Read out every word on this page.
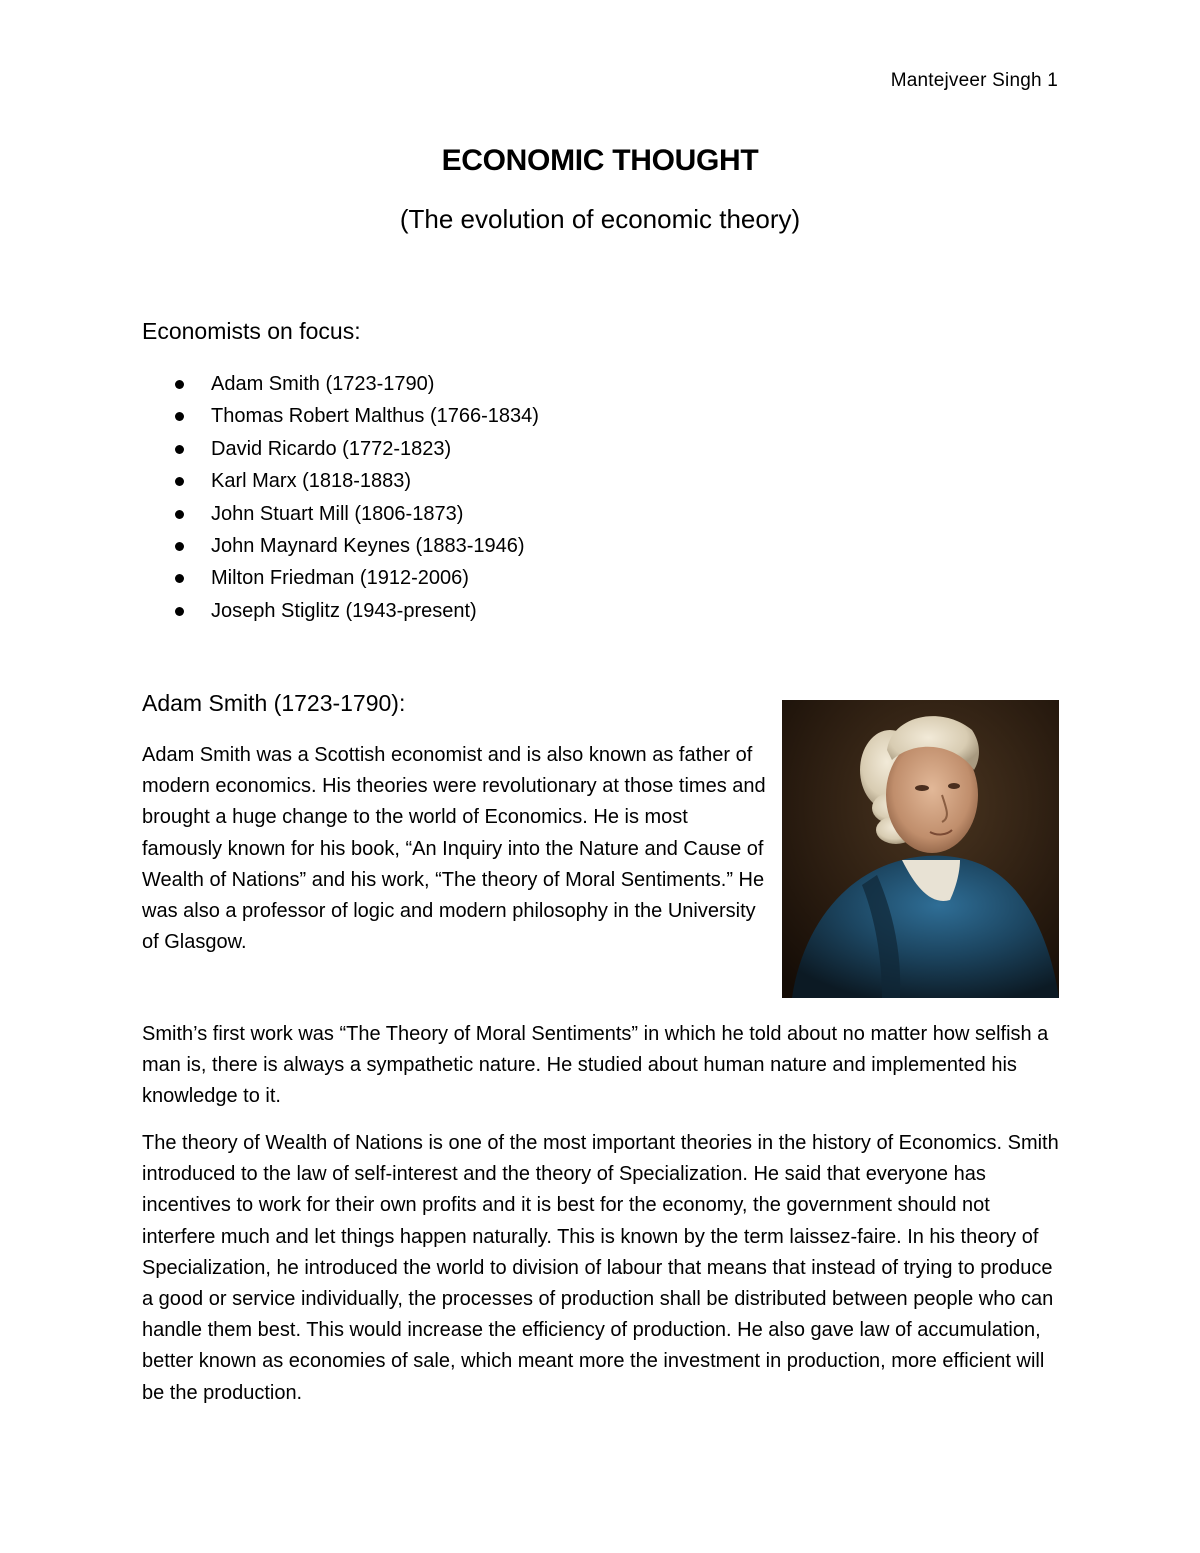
Mantejveer Singh 1
ECONOMIC THOUGHT
(The evolution of economic theory)
Economists on focus:
Adam Smith (1723-1790)
Thomas Robert Malthus (1766-1834)
David Ricardo (1772-1823)
Karl Marx (1818-1883)
John Stuart Mill (1806-1873)
John Maynard Keynes (1883-1946)
Milton Friedman (1912-2006)
Joseph Stiglitz (1943-present)
Adam Smith (1723-1790):

Adam Smith was a Scottish economist and is also known as father of modern economics. His theories were revolutionary at those times and brought a huge change to the world of Economics. He is most famously known for his book, “An Inquiry into the Nature and Cause of Wealth of Nations” and his work, “The theory of Moral Sentiments.” He was also a professor of logic and modern philosophy in the University of Glasgow.

Smith’s first work was “The Theory of Moral Sentiments” in which he told about no matter how selfish a man is, there is always a sympathetic nature. He studied about human nature and implemented his knowledge to it.

The theory of Wealth of Nations is one of the most important theories in the history of Economics. Smith introduced to the law of self-interest and the theory of Specialization. He said that everyone has incentives to work for their own profits and it is best for the economy, the government should not interfere much and let things happen naturally. This is known by the term laissez-faire. In his theory of Specialization, he introduced the world to division of labour that means that instead of trying to produce a good or service individually, the processes of production shall be distributed between people who can handle them best. This would increase the efficiency of production. He also gave law of accumulation, better known as economies of sale, which meant more the investment in production, more efficient will be the production.
